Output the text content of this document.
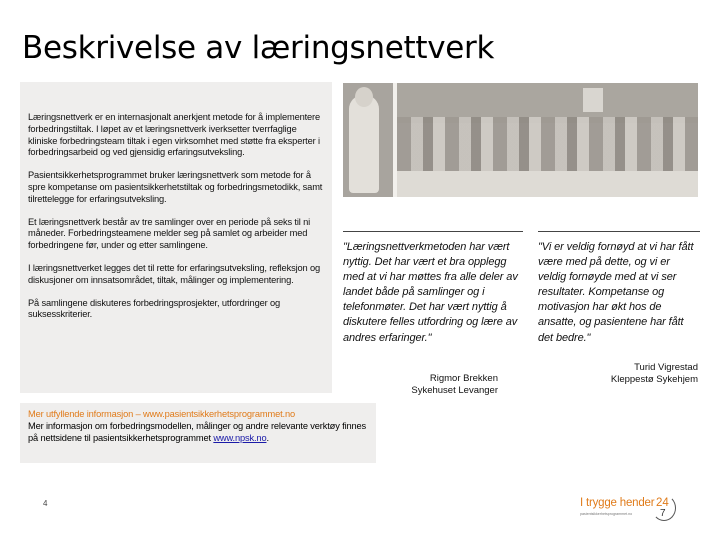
Beskrivelse av læringsnettverk

Læringsnettverk er en internasjonalt anerkjent metode for å implementere forbedringstiltak. I løpet av et læringsnettverk iverksetter tverrfaglige kliniske forbedringsteam tiltak i egen virksomhet med støtte fra eksperter i forbedringsarbeid og ved gjensidig erfaringsutveksling.

Pasientsikkerhetsprogrammet bruker læringsnettverk som metode for å spre kompetanse om pasientsikkerhetstiltak og forbedringsmetodikk, samt tilrettelegge for erfaringsutveksling.

Et læringsnettverk består av tre samlinger over en periode på seks til ni måneder. Forbedringsteamene melder seg på samlet og arbeider med forbedringene før, under og etter samlingene.

I læringsnettverket legges det til rette for erfaringsutveksling, refleksjon og diskusjoner om innsatsområdet, tiltak, målinger og implementering.

På samlingene diskuteres forbedringsprosjekter, utfordringer og suksesskriterier.

"Læringsnettverkmetoden har vært nyttig. Det har vært et bra opplegg med at vi har møttes fra alle deler av landet både på samlinger og i telefonmøter. Det har vært nyttig å diskutere felles utfordring og lære av andres erfaringer."

"Vi er veldig fornøyd at vi har fått være med på dette, og vi er veldig fornøyde med at vi ser resultater. Kompetanse og motivasjon har økt hos de ansatte, og pasientene har fått det bedre."

Rigmor Brekken
Sykehuset Levanger
Turid Vigrestad
Kleppestø Sykehjem
Mer utfyllende informasjon – www.pasientsikkerhetsprogrammet.no
Mer informasjon om forbedringsmodellen, målinger og andre relevante verktøy finnes på nettsidene til pasientsikkerhetsprogrammet www.npsk.no.
4	I trygge hender
pasientsikkerhetsprogrammet.no
24
7
